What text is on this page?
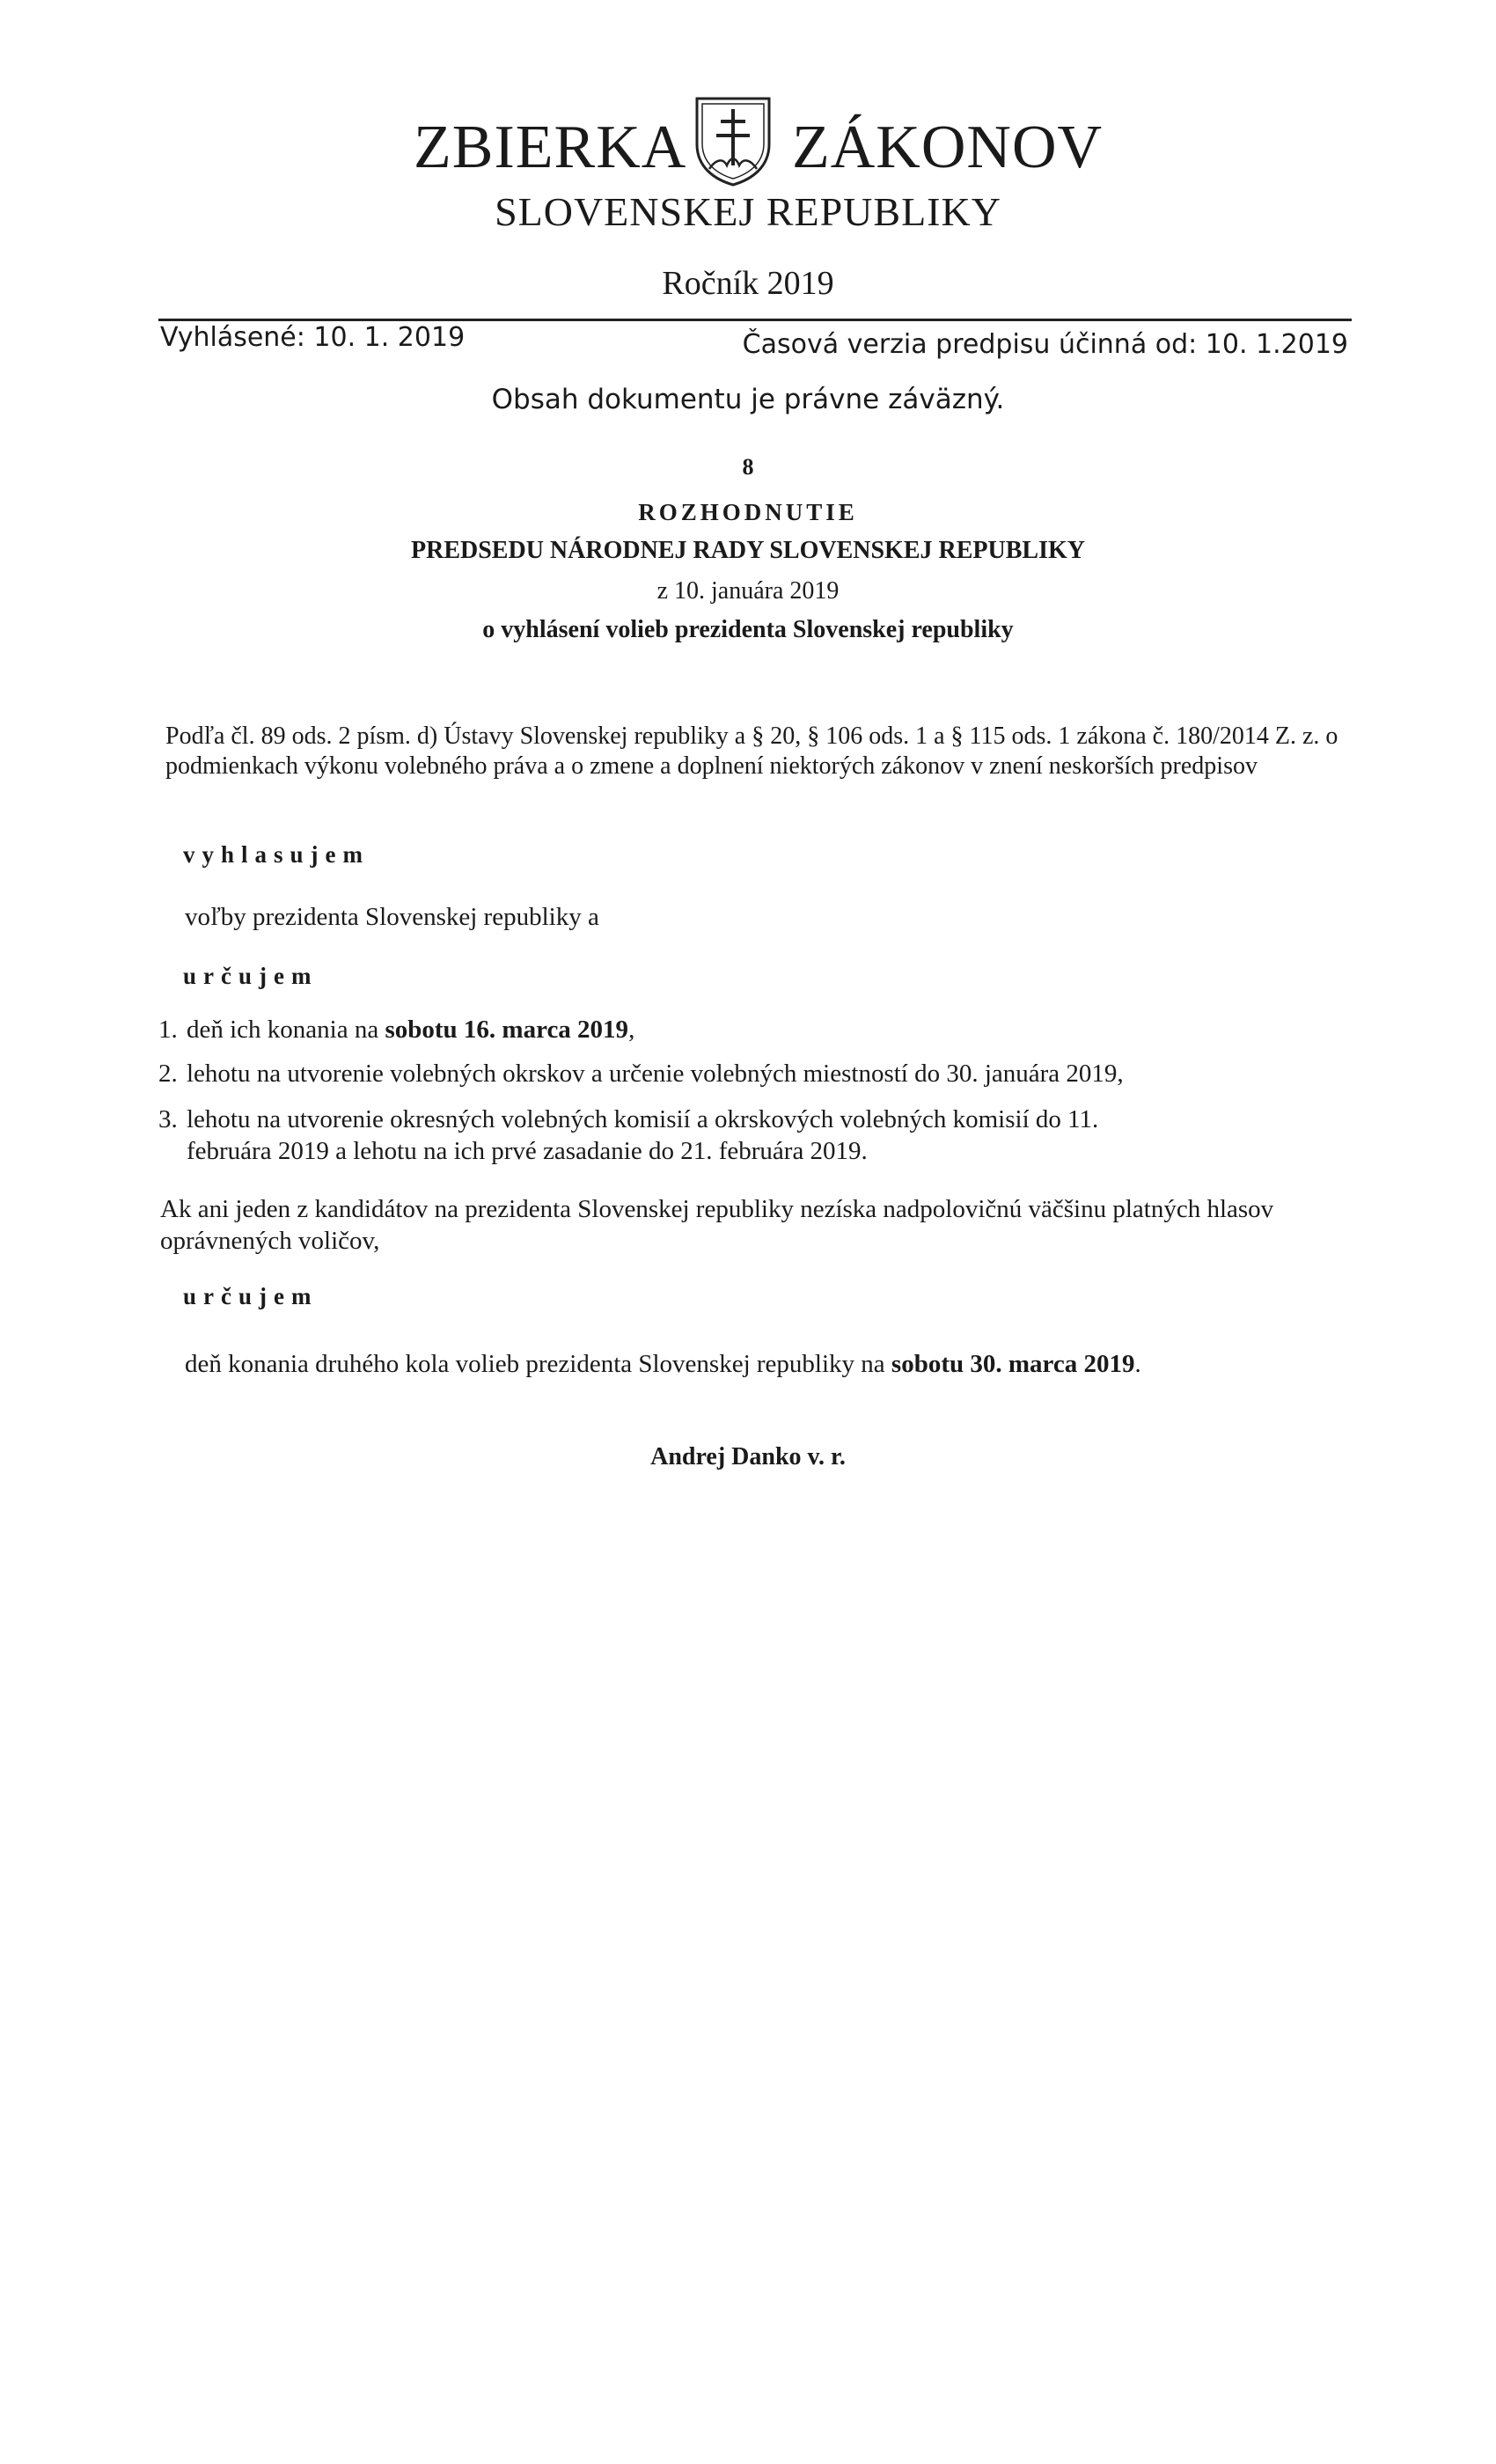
ZBIERKA ZÁKONOV
SLOVENSKEJ REPUBLIKY
Ročník 2019
Vyhlásené: 10. 1. 2019	Časová verzia predpisu účinná od: 10. 1.2019
Obsah dokumentu je právne záväzný.
8
ROZHODNUTIE
PREDSEDU NÁRODNEJ RADY SLOVENSKEJ REPUBLIKY
z 10. januára 2019
o vyhlásení volieb prezidenta Slovenskej republiky
Podľa čl. 89 ods. 2 písm. d) Ústavy Slovenskej republiky a § 20, § 106 ods. 1 a § 115 ods. 1 zákona č. 180/2014 Z. z. o podmienkach výkonu volebného práva a o zmene a doplnení niektorých zákonov v znení neskorších predpisov
vyhlasujem
voľby prezidenta Slovenskej republiky a
určujem
1. deň ich konania na sobotu 16. marca 2019,
2. lehotu na utvorenie volebných okrskov a určenie volebných miestností do 30. januára 2019,
3. lehotu na utvorenie okresných volebných komisií a okrskových volebných komisií do 11.
februára 2019 a lehotu na ich prvé zasadanie do 21. februára 2019.
Ak ani jeden z kandidátov na prezidenta Slovenskej republiky nezíska nadpolovičnú väčšinu platných hlasov oprávnených voličov,
určujem
deň konania druhého kola volieb prezidenta Slovenskej republiky na sobotu 30. marca 2019.
Andrej Danko v. r.
